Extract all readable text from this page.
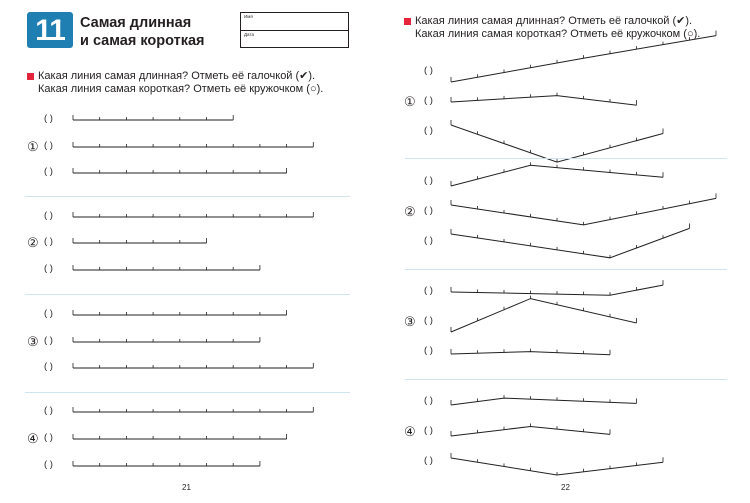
11	Самая длинная
и самая короткая
Имя
Дата
Какая линия самая длинная? Отметь её галочкой (✔).
Какая линия самая короткая? Отметь её кружочком (○).
21
( )
( )
( )
①
( )
( )
( )
②
( )
( )
( )
③
( )
( )
( )
④
Какая линия самая длинная? Отметь её галочкой (✔).
Какая линия самая короткая? Отметь её кружочком (○).
22
( )
( )
( )
①
( )
( )
( )
②
( )
( )
( )
③
( )
( )
( )
④
